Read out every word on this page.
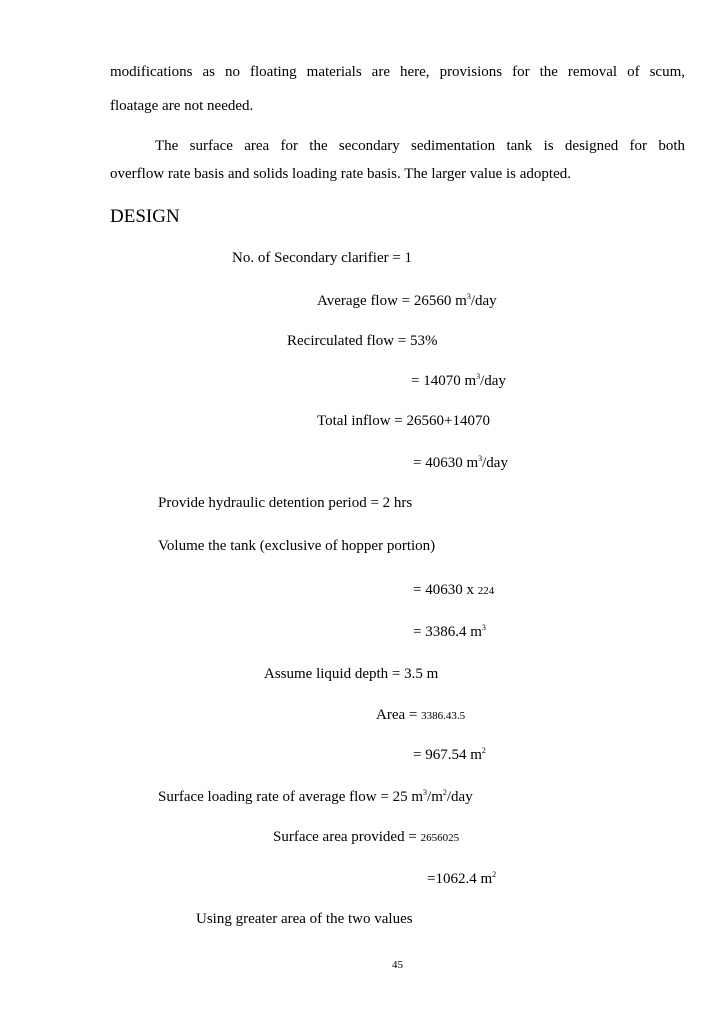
modifications as no floating materials are here, provisions for the removal of scum,
floatage are not needed.
The surface area for the secondary sedimentation tank is designed for both
overflow rate basis and solids loading rate basis. The larger value is adopted.
DESIGN
No. of Secondary clarifier = 1
Average flow = 26560 $m^3$/day
Recirculated flow = 53%
= 14070 $m^3$/day
Total inflow = 26560+14070
= 40630 $m^3$/day
Provide hydraulic detention period = 2 hrs
Volume the tank (exclusive of hopper portion)
= 40630 x 224
= 3386.4 $m^3$
Assume liquid depth = 3.5 m
Area = 3386.43.5
= 967.54 $m^2$
Surface loading rate of average flow = 25 $m^3/m^2$/day
Surface area provided = 2656025
=1062.4 $m^2$
Using greater area of the two values
45
